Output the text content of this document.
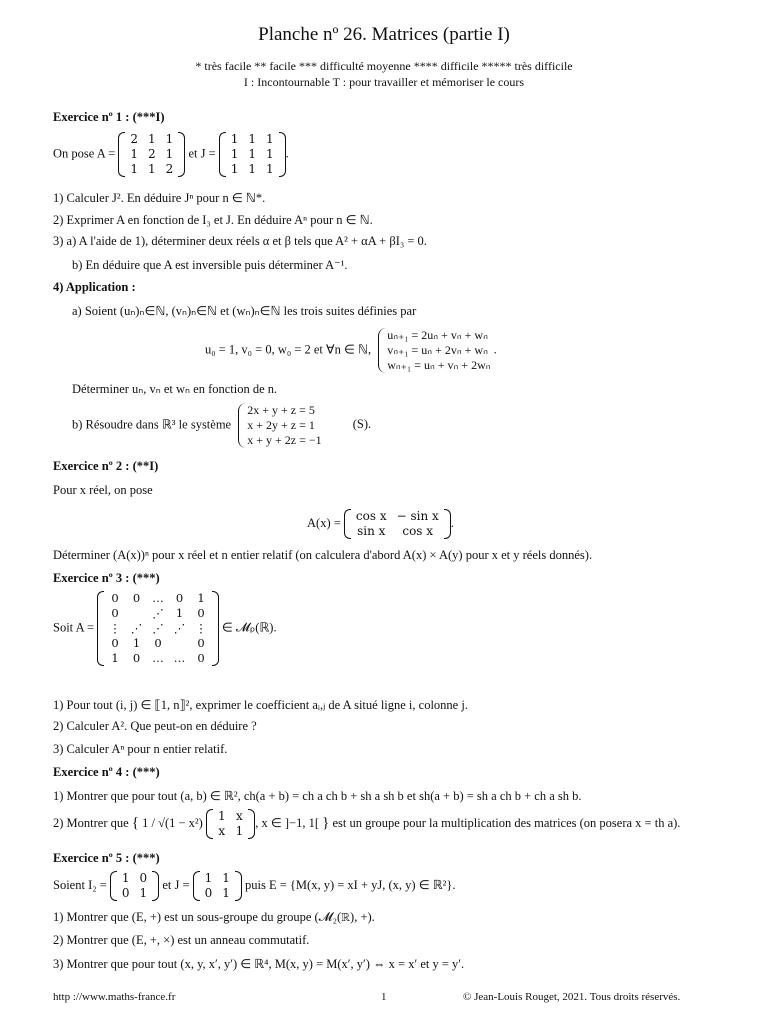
Planche nº 26. Matrices (partie I)
* très facile ** facile *** difficulté moyenne **** difficile ***** très difficile
I : Incontournable T : pour travailler et mémoriser le cours
Exercice nº 1 : (***I)
On pose A =
2	1	1
1	2	1
1	1	2
et J =
1	1	1
1	1	1
1	1	1
.
1) Calculer J². En déduire Jⁿ pour n ∈ ℕ*.
2) Exprimer A en fonction de I₃ et J. En déduire Aⁿ pour n ∈ ℕ.
3) a) A l'aide de 1), déterminer deux réels α et β tels que A² + αA + βI₃ = 0.
b) En déduire que A est inversible puis déterminer A⁻¹.
4) Application :
a) Soient (uₙ)ₙ∈ℕ, (vₙ)ₙ∈ℕ et (wₙ)ₙ∈ℕ les trois suites définies par
u₀ = 1, v₀ = 0, w₀ = 2 et ∀n ∈ ℕ,
uₙ₊₁ = 2uₙ + vₙ + wₙ
vₙ₊₁ = uₙ + 2vₙ + wₙ
wₙ₊₁ = uₙ + vₙ + 2wₙ
.
Déterminer uₙ, vₙ et wₙ en fonction de n.
b) Résoudre dans ℝ³ le système
2x + y + z = 5
x + 2y + z = 1
x + y + 2z = −1
(S).
Exercice nº 2 : (**I)
Pour x réel, on pose
A(x) = cos x	− sin x
sin x	cos x
.
Déterminer (A(x))ⁿ pour x réel et n entier relatif (on calculera d'abord A(x) × A(y) pour x et y réels donnés).
Exercice nº 3 : (***)
Soit A =
0	0	…	0	1
0		⋰	1	0
⋮	⋰	⋰	⋰	⋮
0	1	0		0
1	0	…	…	0
∈ 𝓜ₚ(ℝ).
1) Pour tout (i, j) ∈ ⟦1, n⟧², exprimer le coefficient aᵢ,ⱼ de A situé ligne i, colonne j.
2) Calculer A². Que peut-on en déduire ?
3) Calculer Aⁿ pour n entier relatif.
Exercice nº 4 : (***)
1) Montrer que pour tout (a, b) ∈ ℝ², ch(a + b) = ch a ch b + sh a sh b et sh(a + b) = sh a ch b + ch a sh b.
2) Montrer que { 1 / √(1 − x²) 1	x
x	1
, x ∈ ]−1, 1[ } est un groupe pour la multiplication des matrices (on posera x = th a).
Exercice nº 5 : (***)
Soient I₂ = 1	0
0	1
et J = 1	1
0	1
puis E = {M(x, y) = xI + yJ, (x, y) ∈ ℝ²}.
1) Montrer que (E, +) est un sous-groupe du groupe (𝓜₂(ℝ), +).
2) Montrer que (E, +, ×) est un anneau commutatif.
3) Montrer que pour tout (x, y, x′, y′) ∈ ℝ⁴, M(x, y) = M(x′, y′) ⇔ x = x′ et y = y′.
http ://www.maths-france.fr	1	© Jean-Louis Rouget, 2021. Tous droits réservés.
